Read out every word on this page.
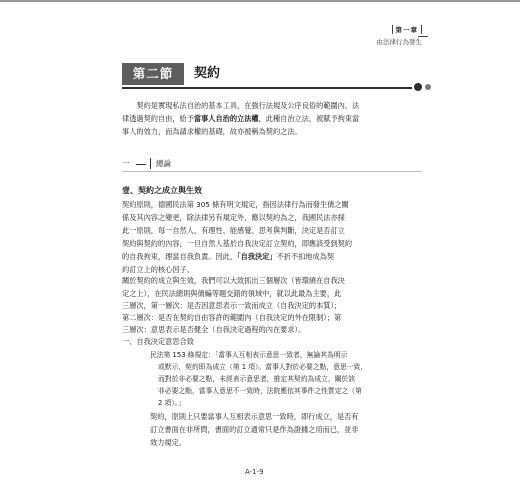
第一章
由法律行為發生
第二節	契約
　　契約是實現私法自治的基本工具，在強行法規及公序良俗的範圍內，法
律透過契約自由，給予當事人自治的立法權，此種自治立法，被賦予拘束當
事人的效力，而為請求權的基礎，故亦被稱為契約之法。
一	總論
壹、契約之成立與生效
契約原則，德國民法第 305 條有明文規定，指因法律行為而發生債之關
係及其內容之變更，除法律另有規定外，應以契約為之，我國民法亦採
此一原則，每一自然人，有理性、能感覺、思考與判斷，決定是否訂立
契約與契約的內容，一旦自然人基於自我決定訂立契約，即應該受到契約
的自我拘束，理當自我負責。因此，「自我決定」不折不扣地成為契
約訂立上的核心因子。
關於契約的成立與生效，我們可以大致抓出三個層次（皆環繞在自我決
定之上），在民法總則與債編等題交錯的領域中，就以此最為主要，此
三層次，第一層次：是否因意思表示一致而成立（自我決定的本質）；
第二層次：是否在契約自由容許的範圍內（自我決定的外在限制）；第
三層次：意思表示是否健全（自我決定過程的內在要求）。
一、自我決定意思合致
民法第 153 條規定：「當事人互相表示意思一致者，無論其為明示
或默示，契約即為成立（第 1 項）。當事人對於必要之點，意思一致，
而對於非必要之點，未經表示意思者，推定其契約為成立，關於該
非必要之點，當事人意思不一致時，法院應依其事件之性質定之（第
2 項）。」
契約，原則上只要當事人互相表示意思一致時，即行成立，是否有
訂立書面在非所問，書面的訂立通常只是作為證據之用而已，並非
效力規定。
A-1-9
